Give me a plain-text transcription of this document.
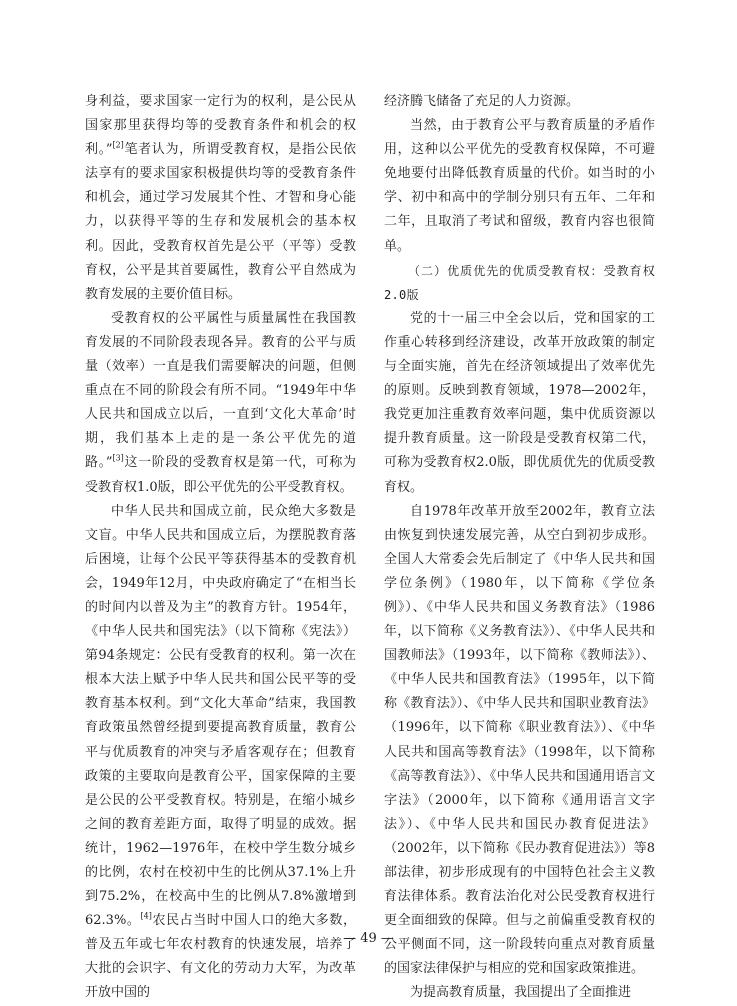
身利益，要求国家一定行为的权利，是公民从国家那里获得均等的受教育条件和机会的权利。”[2]笔者认为，所谓受教育权，是指公民依法享有的要求国家积极提供均等的受教育条件和机会，通过学习发展其个性、才智和身心能力，以获得平等的生存和发展机会的基本权利。因此，受教育权首先是公平（平等）受教育权，公平是其首要属性，教育公平自然成为教育发展的主要价值目标。

受教育权的公平属性与质量属性在我国教育发展的不同阶段表现各异。教育的公平与质量（效率）一直是我们需要解决的问题，但侧重点在不同的阶段会有所不同。“1949年中华人民共和国成立以后，一直到‘文化大革命’时期，我们基本上走的是一条公平优先的道路。”[3]这一阶段的受教育权是第一代，可称为受教育权1.0版，即公平优先的公平受教育权。

中华人民共和国成立前，民众绝大多数是文盲。中华人民共和国成立后，为摆脱教育落后困境，让每个公民平等获得基本的受教育机会，1949年12月，中央政府确定了“在相当长的时间内以普及为主”的教育方针。1954年，《中华人民共和国宪法》（以下简称《宪法》）第94条规定：公民有受教育的权利。第一次在根本大法上赋予中华人民共和国公民平等的受教育基本权利。到“文化大革命”结束，我国教育政策虽然曾经提到要提高教育质量，教育公平与优质教育的冲突与矛盾客观存在；但教育政策的主要取向是教育公平，国家保障的主要是公民的公平受教育权。特别是，在缩小城乡之间的教育差距方面，取得了明显的成效。据统计，1962—1976年，在校中学生数分城乡的比例，农村在校初中生的比例从37.1%上升到75.2%，在校高中生的比例从7.8%激增到62.3%。[4]农民占当时中国人口的绝大多数，普及五年或七年农村教育的快速发展，培养了大批的会识字、有文化的劳动力大军，为改革开放中国的

经济腾飞储备了充足的人力资源。

当然，由于教育公平与教育质量的矛盾作用，这种以公平优先的受教育权保障，不可避免地要付出降低教育质量的代价。如当时的小学、初中和高中的学制分别只有五年、二年和二年，且取消了考试和留级，教育内容也很简单。

（二）优质优先的优质受教育权：受教育权2.0版

党的十一届三中全会以后，党和国家的工作重心转移到经济建设，改革开放政策的制定与全面实施，首先在经济领域提出了效率优先的原则。反映到教育领域，1978—2002年，我党更加注重教育效率问题，集中优质资源以提升教育质量。这一阶段是受教育权第二代，可称为受教育权2.0版，即优质优先的优质受教育权。

自1978年改革开放至2002年，教育立法由恢复到快速发展完善，从空白到初步成形。全国人大常委会先后制定了《中华人民共和国学位条例》（1980年，以下简称《学位条例》）、《中华人民共和国义务教育法》（1986年，以下简称《义务教育法》）、《中华人民共和国教师法》（1993年，以下简称《教师法》）、《中华人民共和国教育法》（1995年，以下简称《教育法》）、《中华人民共和国职业教育法》（1996年，以下简称《职业教育法》）、《中华人民共和国高等教育法》（1998年，以下简称《高等教育法》）、《中华人民共和国通用语言文字法》（2000年，以下简称《通用语言文字法》）、《中华人民共和国民办教育促进法》（2002年，以下简称《民办教育促进法》）等8部法律，初步形成现有的中国特色社会主义教育法律体系。教育法治化对公民受教育权进行更全面细致的保障。但与之前偏重受教育权的公平侧面不同，这一阶段转向重点对教育质量的国家法律保护与相应的党和国家政策推进。

为提高教育质量，我国提出了全面推进

— 49 —
